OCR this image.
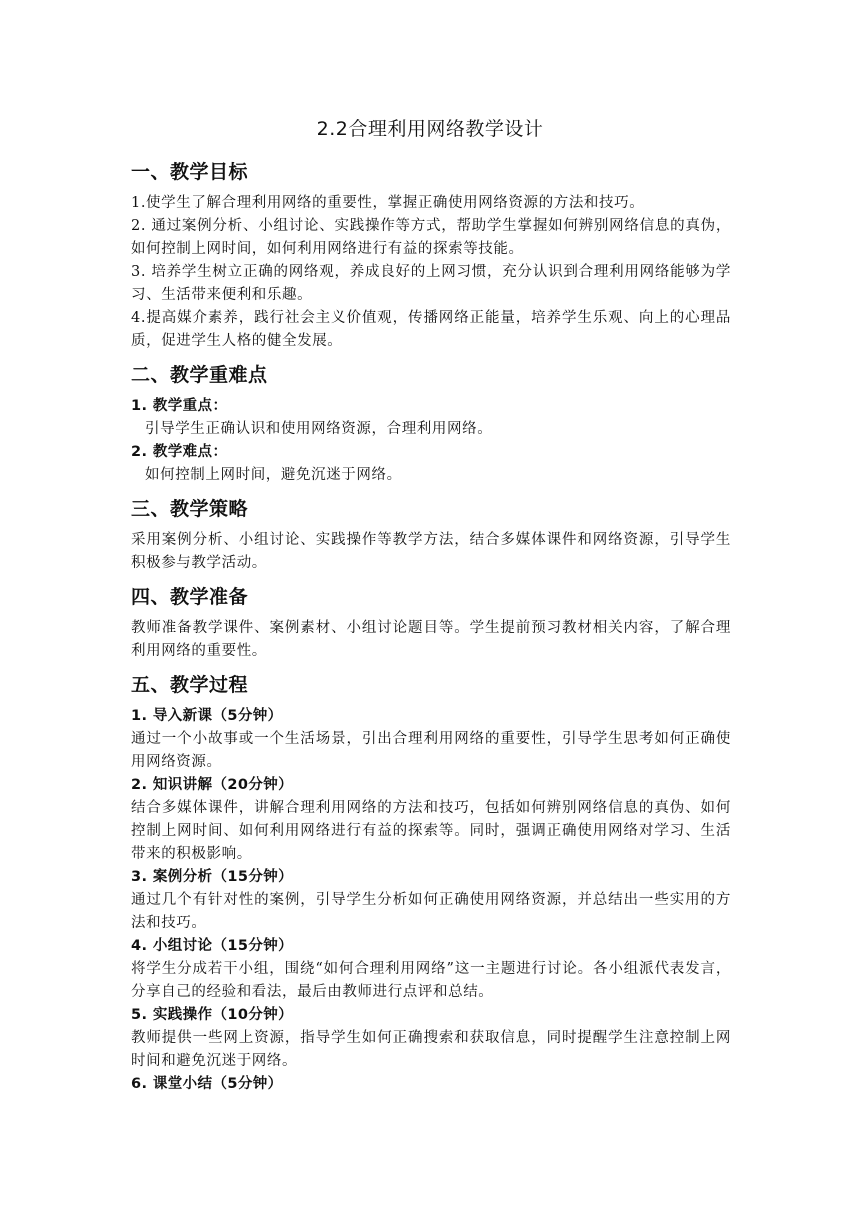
2.2合理利用网络教学设计
一、教学目标

1.使学生了解合理利用网络的重要性，掌握正确使用网络资源的方法和技巧。

2. 通过案例分析、小组讨论、实践操作等方式，帮助学生掌握如何辨别网络信息的真伪，如何控制上网时间，如何利用网络进行有益的探索等技能。

3. 培养学生树立正确的网络观，养成良好的上网习惯，充分认识到合理利用网络能够为学习、生活带来便利和乐趣。

4.提高媒介素养，践行社会主义价值观，传播网络正能量，培养学生乐观、向上的心理品质，促进学生人格的健全发展。

二、教学重难点

1. 教学重点：

引导学生正确认识和使用网络资源，合理利用网络。

2. 教学难点：

如何控制上网时间，避免沉迷于网络。

三、教学策略

采用案例分析、小组讨论、实践操作等教学方法，结合多媒体课件和网络资源，引导学生积极参与教学活动。

四、教学准备

教师准备教学课件、案例素材、小组讨论题目等。学生提前预习教材相关内容，了解合理利用网络的重要性。

五、教学过程

1. 导入新课（5分钟）

通过一个小故事或一个生活场景，引出合理利用网络的重要性，引导学生思考如何正确使用网络资源。

2. 知识讲解（20分钟）

结合多媒体课件，讲解合理利用网络的方法和技巧，包括如何辨别网络信息的真伪、如何控制上网时间、如何利用网络进行有益的探索等。同时，强调正确使用网络对学习、生活带来的积极影响。

3. 案例分析（15分钟）

通过几个有针对性的案例，引导学生分析如何正确使用网络资源，并总结出一些实用的方法和技巧。

4. 小组讨论（15分钟）

将学生分成若干小组，围绕“如何合理利用网络”这一主题进行讨论。各小组派代表发言，分享自己的经验和看法，最后由教师进行点评和总结。

5. 实践操作（10分钟）

教师提供一些网上资源，指导学生如何正确搜索和获取信息，同时提醒学生注意控制上网时间和避免沉迷于网络。

6. 课堂小结（5分钟）
